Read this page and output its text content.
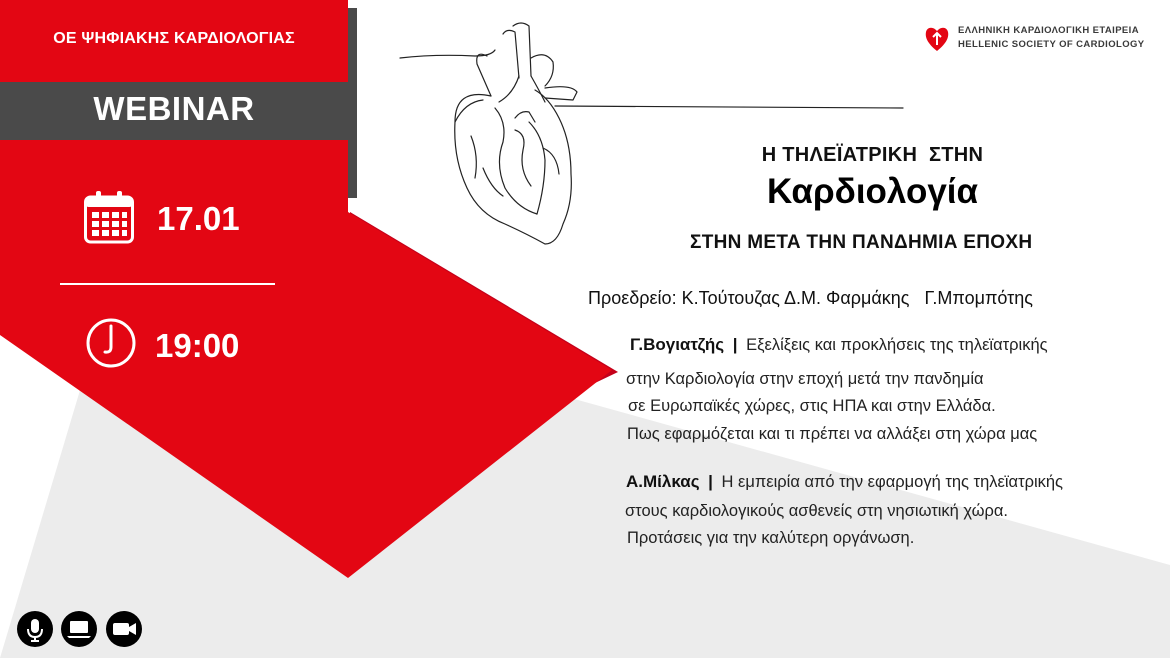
ΟΕ ΨΗΦΙΑΚΗΣ ΚΑΡΔΙΟΛΟΓΙΑΣ
WEBINAR
17.01
19:00
ΕΛΛΗΝΙΚΗ ΚΑΡΔΙΟΛΟΓΙΚΗ ΕΤΑΙΡΕΙΑ
HELLENIC SOCIETY OF CARDIOLOGY
Η ΤΗΛΕΪΑΤΡΙΚΗ  ΣΤΗΝ
Καρδιολογία
ΣΤΗΝ ΜΕΤΑ ΤΗΝ ΠΑΝΔΗΜΙΑ ΕΠΟΧΗ
Προεδρείο: Κ.Τούτουζας Δ.Μ. Φαρμάκης   Γ.Μπομπότης
Γ.Βογιατζής | Εξελίξεις και προκλήσεις της τηλεϊατρικής
στην Καρδιολογία στην εποχή μετά την πανδημία
σε Ευρωπαϊκές χώρες, στις ΗΠΑ και στην Ελλάδα.
Πως εφαρμόζεται και τι πρέπει να αλλάξει στη χώρα μας
Α.Μίλκας | Η εμπειρία από την εφαρμογή της τηλεϊατρικής
στους καρδιολογικούς ασθενείς στη νησιωτική χώρα.
Προτάσεις για την καλύτερη οργάνωση.
